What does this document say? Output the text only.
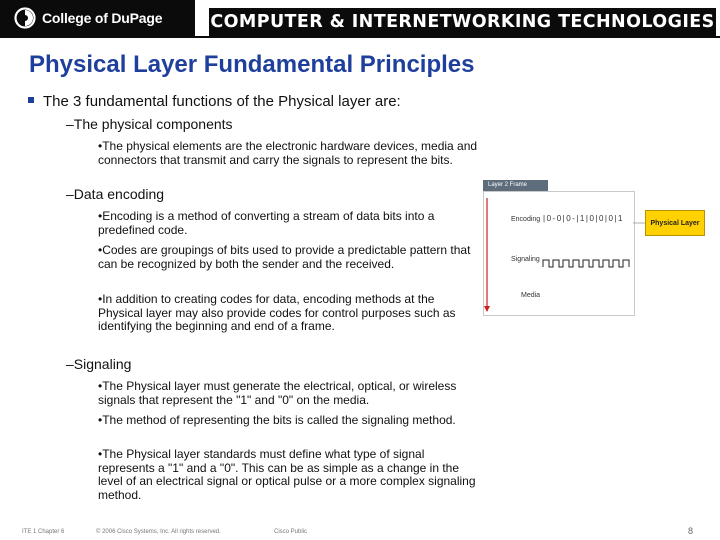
College of DuPage	COMPUTER & INTERNETWORKING TECHNOLOGIES
Physical Layer Fundamental Principles
The 3 fundamental functions of the Physical layer are:
–The physical components
•The physical elements are the electronic hardware devices, media and connectors that transmit and carry the signals to represent the bits.
–Data encoding
•Encoding is a method of converting a stream of data bits into a predefined code.
•Codes are groupings of bits used to provide a predictable pattern that can be recognized by both the sender and the received.
•In addition to creating codes for data, encoding methods at the Physical layer may also provide codes for control purposes such as identifying the beginning and end of a frame.
–Signaling
•The Physical layer must generate the electrical, optical, or wireless signals that represent the "1" and "0" on the media.
•The method of representing the bits is called the signaling method.
•The Physical layer standards must define what type of signal represents a "1" and a "0". This can be as simple as a change in the level of an electrical signal or optical pulse or a more complex signaling method.
Layer 2 Frame
Encoding |0-0|0-|1|0|0|0|1
Signaling
Media
Physical Layer
ITE 1 Chapter 6	© 2006 Cisco Systems, Inc. All rights reserved.	Cisco Public	8
